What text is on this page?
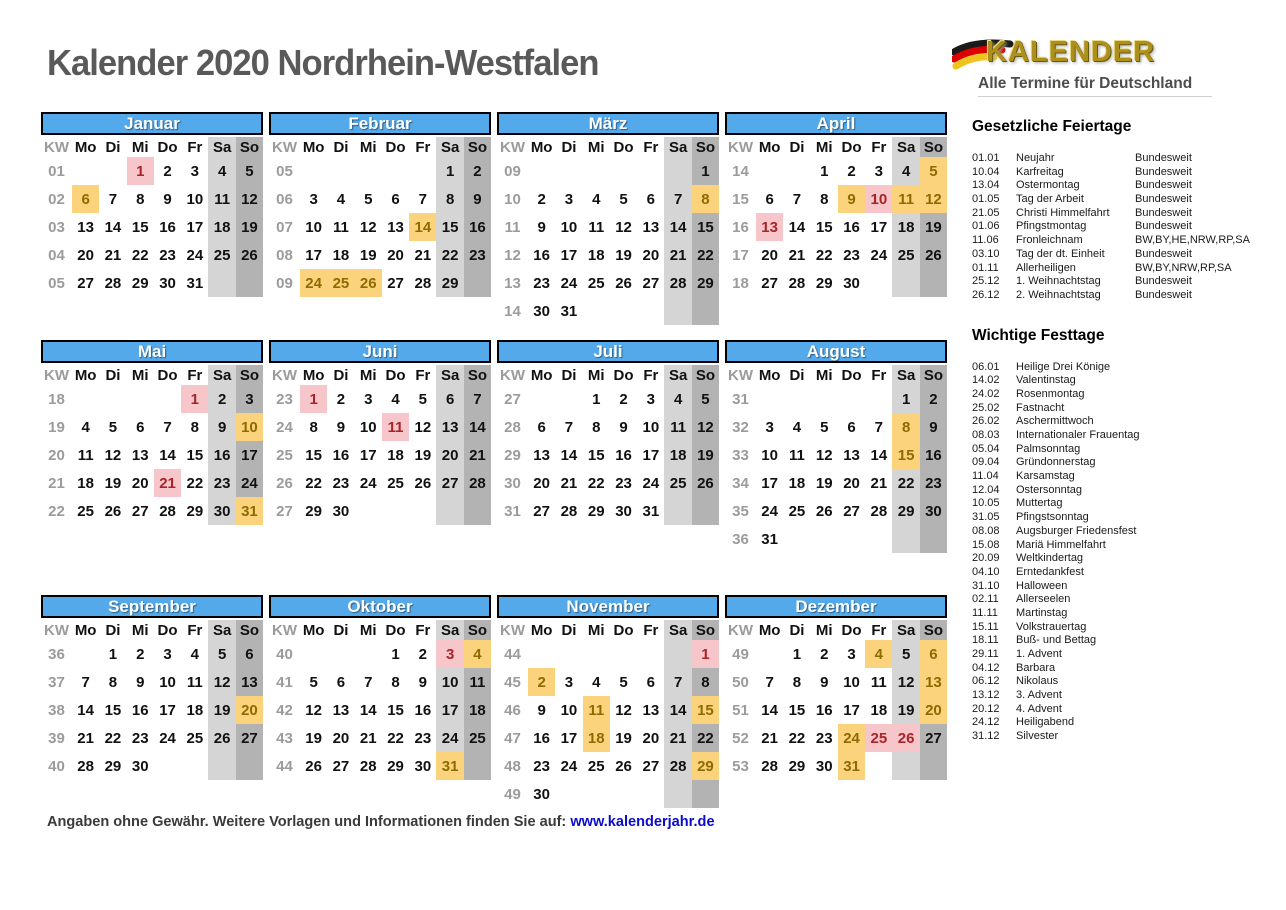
Kalender 2020 Nordrhein-Westfalen	KALENDER
Alle Termine für Deutschland
Januar
KW	Mo	Di	Mi	Do	Fr	Sa	So
01			1	2	3	4	5
02	6	7	8	9	10	11	12
03	13	14	15	16	17	18	19
04	20	21	22	23	24	25	26
05	27	28	29	30	31		
Februar
KW	Mo	Di	Mi	Do	Fr	Sa	So
05						1	2
06	3	4	5	6	7	8	9
07	10	11	12	13	14	15	16
08	17	18	19	20	21	22	23
09	24	25	26	27	28	29	
März
KW	Mo	Di	Mi	Do	Fr	Sa	So
09							1
10	2	3	4	5	6	7	8
11	9	10	11	12	13	14	15
12	16	17	18	19	20	21	22
13	23	24	25	26	27	28	29
14	30	31					
April
KW	Mo	Di	Mi	Do	Fr	Sa	So
14			1	2	3	4	5
15	6	7	8	9	10	11	12
16	13	14	15	16	17	18	19
17	20	21	22	23	24	25	26
18	27	28	29	30			
Mai
KW	Mo	Di	Mi	Do	Fr	Sa	So
18					1	2	3
19	4	5	6	7	8	9	10
20	11	12	13	14	15	16	17
21	18	19	20	21	22	23	24
22	25	26	27	28	29	30	31
Juni
KW	Mo	Di	Mi	Do	Fr	Sa	So
23	1	2	3	4	5	6	7
24	8	9	10	11	12	13	14
25	15	16	17	18	19	20	21
26	22	23	24	25	26	27	28
27	29	30					
Juli
KW	Mo	Di	Mi	Do	Fr	Sa	So
27			1	2	3	4	5
28	6	7	8	9	10	11	12
29	13	14	15	16	17	18	19
30	20	21	22	23	24	25	26
31	27	28	29	30	31		
August
KW	Mo	Di	Mi	Do	Fr	Sa	So
31						1	2
32	3	4	5	6	7	8	9
33	10	11	12	13	14	15	16
34	17	18	19	20	21	22	23
35	24	25	26	27	28	29	30
36	31						
September
KW	Mo	Di	Mi	Do	Fr	Sa	So
36		1	2	3	4	5	6
37	7	8	9	10	11	12	13
38	14	15	16	17	18	19	20
39	21	22	23	24	25	26	27
40	28	29	30				
Oktober
KW	Mo	Di	Mi	Do	Fr	Sa	So
40				1	2	3	4
41	5	6	7	8	9	10	11
42	12	13	14	15	16	17	18
43	19	20	21	22	23	24	25
44	26	27	28	29	30	31	
November
KW	Mo	Di	Mi	Do	Fr	Sa	So
44							1
45	2	3	4	5	6	7	8
46	9	10	11	12	13	14	15
47	16	17	18	19	20	21	22
48	23	24	25	26	27	28	29
49	30						
Dezember
KW	Mo	Di	Mi	Do	Fr	Sa	So
49		1	2	3	4	5	6
50	7	8	9	10	11	12	13
51	14	15	16	17	18	19	20
52	21	22	23	24	25	26	27
53	28	29	30	31			
Gesetzliche Feiertage
01.01	Neujahr	Bundesweit
10.04	Karfreitag	Bundesweit
13.04	Ostermontag	Bundesweit
01.05	Tag der Arbeit	Bundesweit
21.05	Christi Himmelfahrt	Bundesweit
01.06	Pfingstmontag	Bundesweit
11.06	Fronleichnam	BW,BY,HE,NRW,RP,SA
03.10	Tag der dt. Einheit	Bundesweit
01.11	Allerheiligen	BW,BY,NRW,RP,SA
25.12	1. Weihnachtstag	Bundesweit
26.12	2. Weihnachtstag	Bundesweit
Wichtige Festtage
06.01	Heilige Drei Könige
14.02	Valentinstag
24.02	Rosenmontag
25.02	Fastnacht
26.02	Aschermittwoch
08.03	Internationaler Frauentag
05.04	Palmsonntag
09.04	Gründonnerstag
11.04	Karsamstag
12.04	Ostersonntag
10.05	Muttertag
31.05	Pfingstsonntag
08.08	Augsburger Friedensfest
15.08	Mariä Himmelfahrt
20.09	Weltkindertag
04.10	Erntedankfest
31.10	Halloween
02.11	Allerseelen
11.11	Martinstag
15.11	Volkstrauertag
18.11	Buß- und Bettag
29.11	1. Advent
04.12	Barbara
06.12	Nikolaus
13.12	3. Advent
20.12	4. Advent
24.12	Heiligabend
31.12	Silvester
Angaben ohne Gewähr. Weitere Vorlagen und Informationen finden Sie auf: www.kalenderjahr.de
